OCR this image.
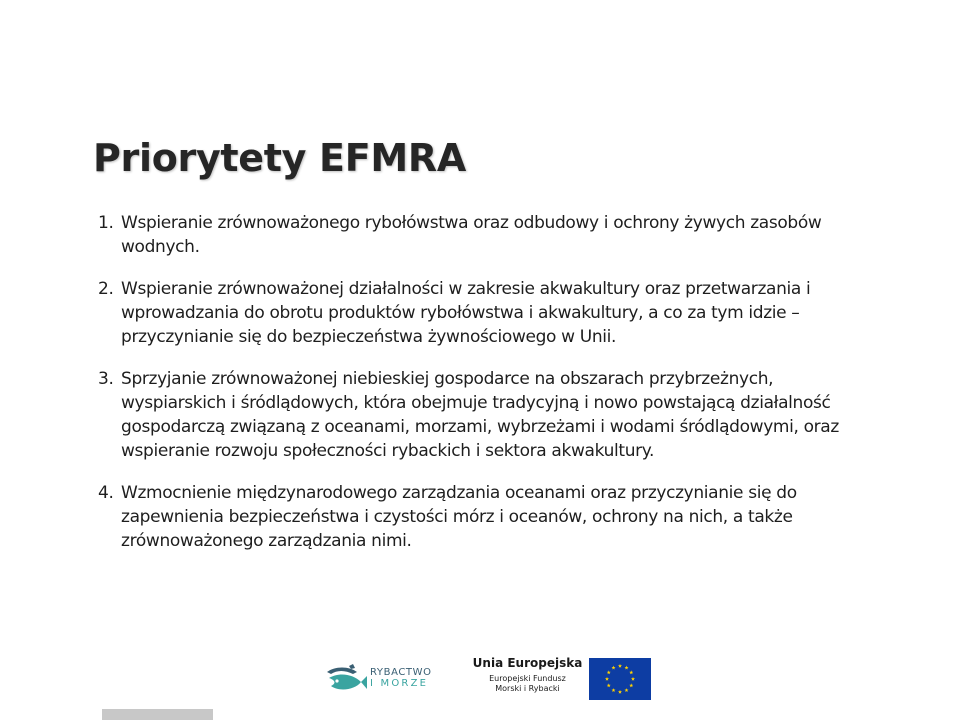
Priorytety EFMRA
1. Wspieranie zrównoważonego rybołówstwa oraz odbudowy i ochrony żywych zasobów wodnych.
2. Wspieranie zrównoważonej działalności w zakresie akwakultury oraz przetwarzania i wprowadzania do obrotu produktów rybołówstwa i akwakultury, a co za tym idzie – przyczynianie się do bezpieczeństwa żywnościowego w Unii.
3. Sprzyjanie zrównoważonej niebieskiej gospodarce na obszarach przybrzeżnych, wyspiarskich i śródlądowych, która obejmuje tradycyjną i nowo powstającą działalność gospodarczą związaną z oceanami, morzami, wybrzeżami i wodami śródlądowymi, oraz wspieranie rozwoju społeczności rybackich i sektora akwakultury.
4. Wzmocnienie międzynarodowego zarządzania oceanami oraz przyczynianie się do zapewnienia bezpieczeństwa i czystości mórz i oceanów, ochrony na nich, a także zrównoważonego zarządzania nimi.
RYBACTWO
I MORZE
Unia Europejska
Europejski Fundusz
Morski i Rybacki
